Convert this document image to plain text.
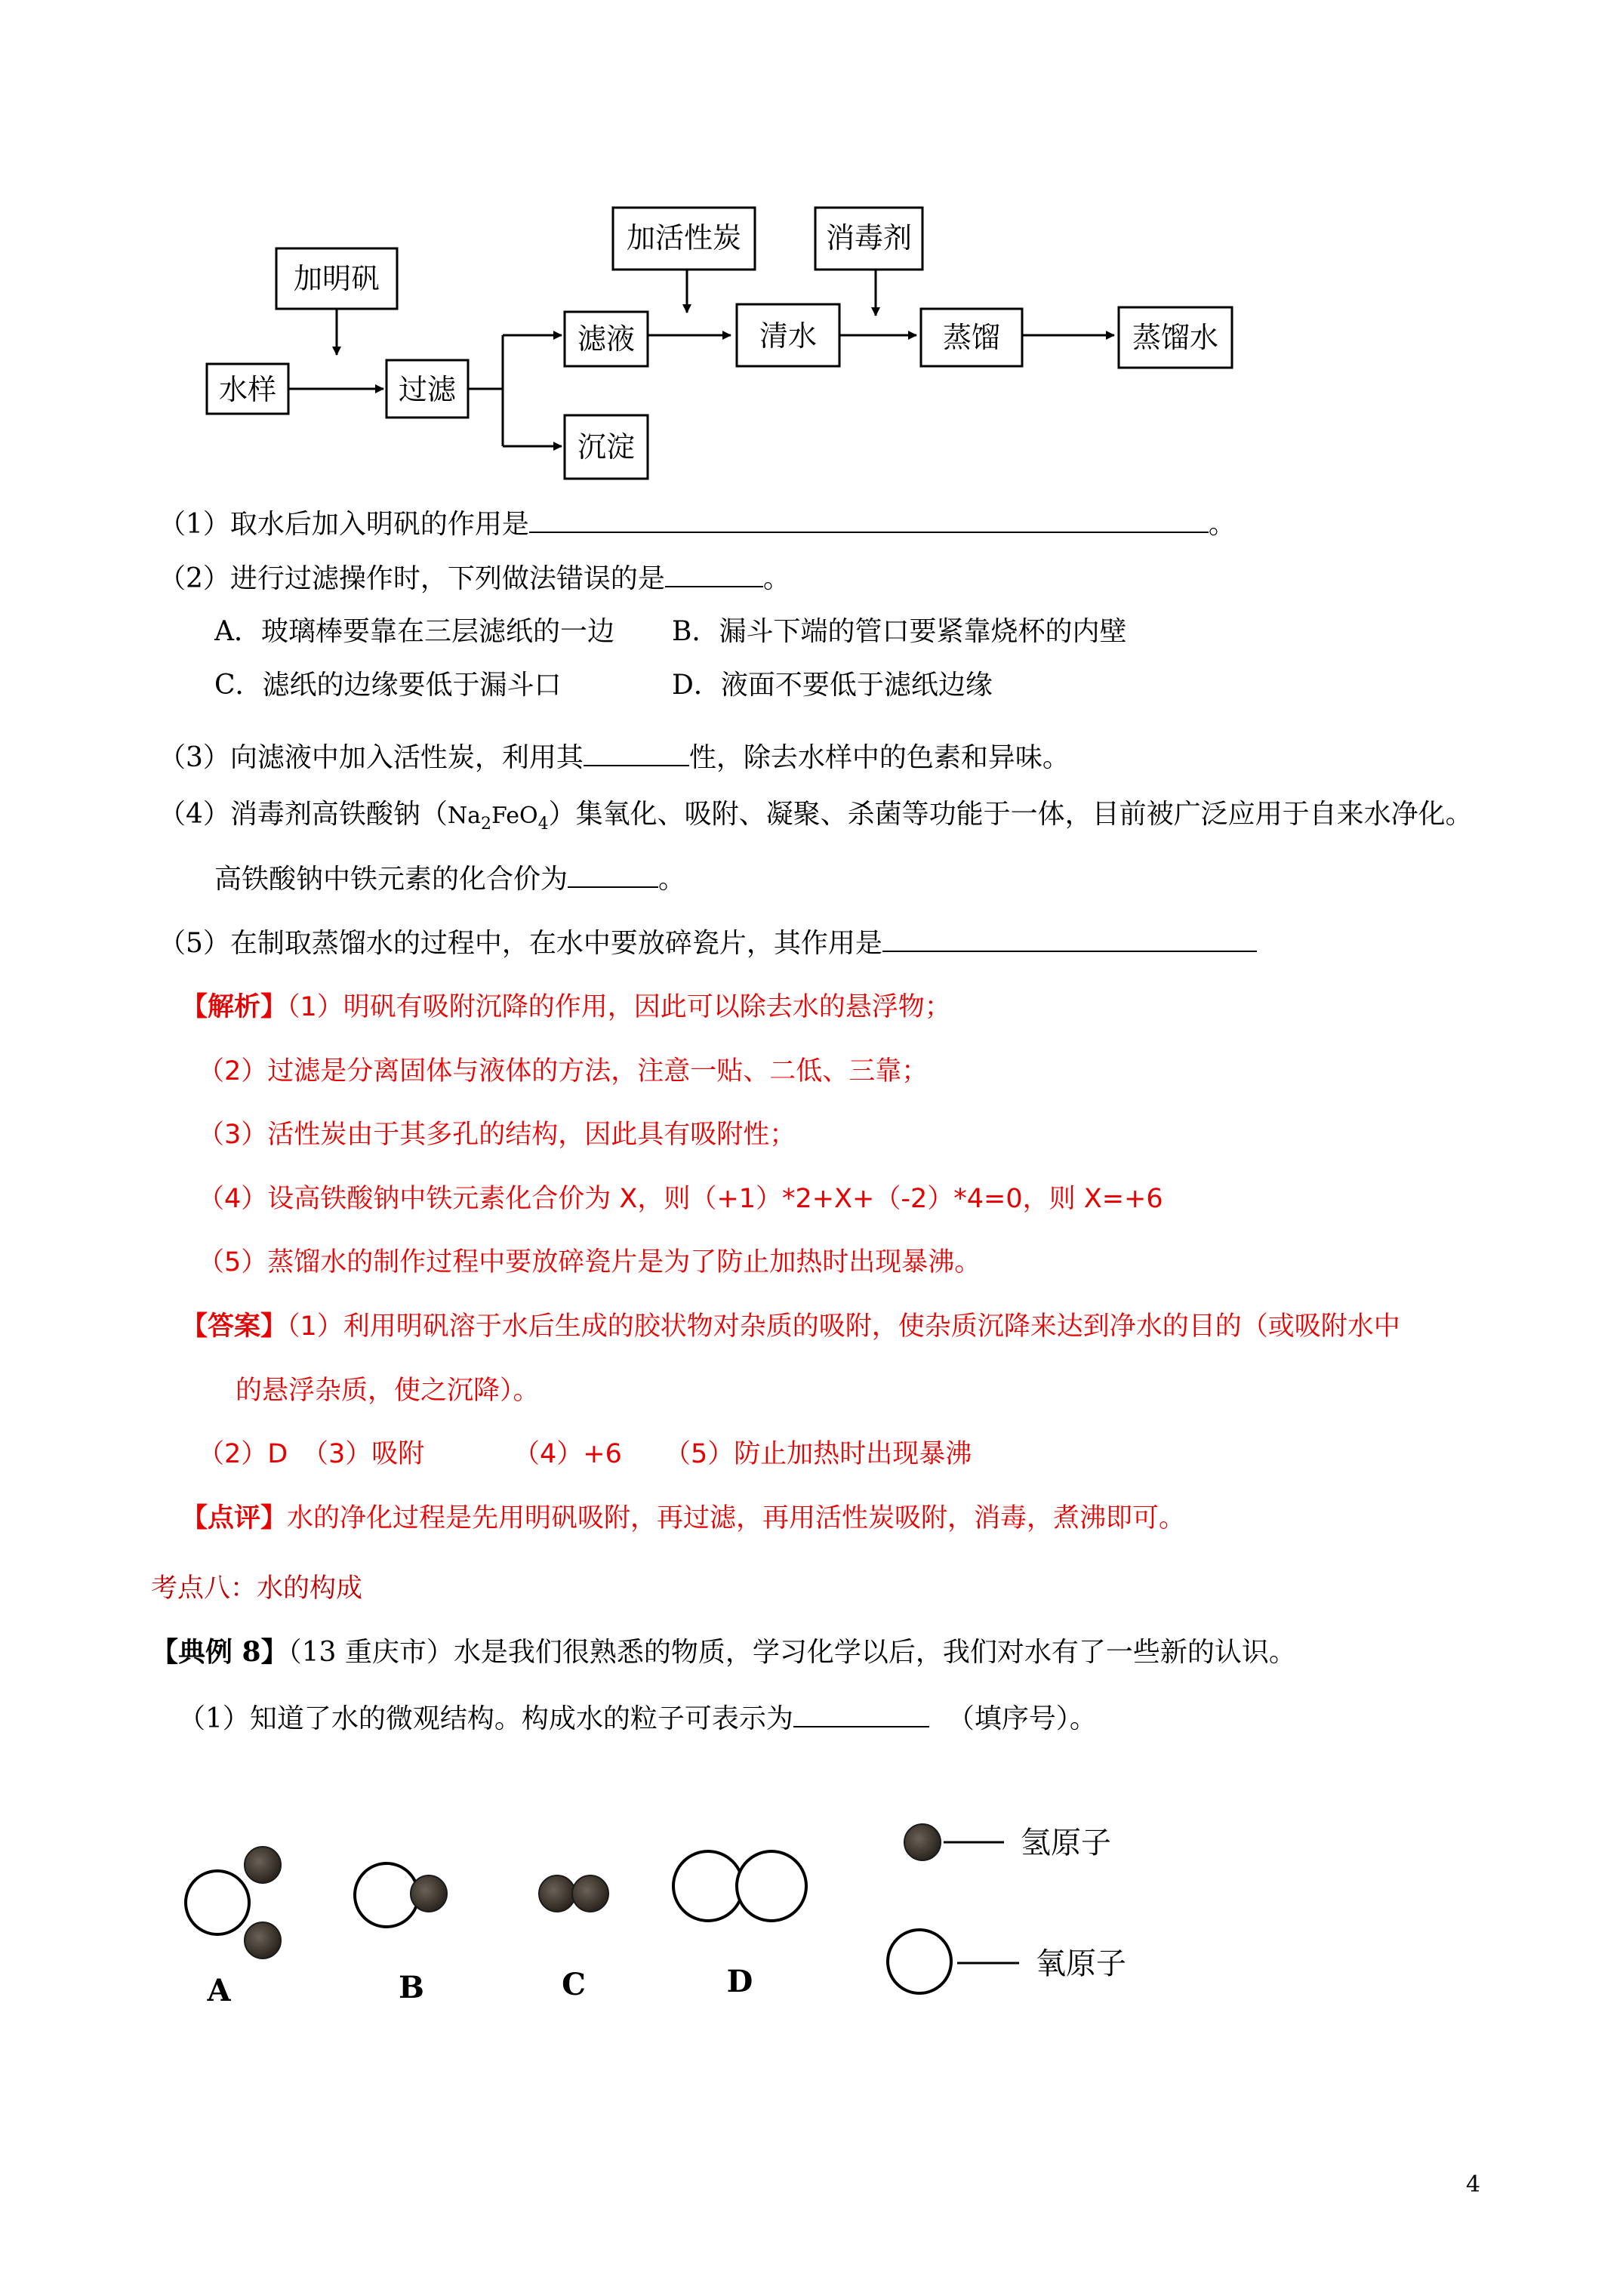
加明矾
水样	过滤
滤液
沉淀
加活性炭
清水
消毒剂
蒸馏	蒸馏水
（1）取水后加入明矾的作用是	。
（2）进行过滤操作时，下列做法错误的是	。
A．玻璃棒要靠在三层滤纸的一边 B．漏斗下端的管口要紧靠烧杯的内壁
C．滤纸的边缘要低于漏斗口	D．液面不要低于滤纸边缘
（3）向滤液中加入活性炭，利用其	性，除去水样中的色素和异味。
（4）消毒剂高铁酸钠$(Na_2FeO_4)$集氧化、吸附、凝聚、杀菌等功能于一体，目前被广泛应用于自来水净化。
高铁酸钠中铁元素的化合价为	。
（5）在制取蒸馏水的过程中，在水中要放碎瓷片，其作用是
【解析】（1）明矾有吸附沉降的作用，因此可以除去水的悬浮物；
（2）过滤是分离固体与液体的方法，注意一贴、二低、三靠；
（3）活性炭由于其多孔的结构，因此具有吸附性；
（4）设高铁酸钠中铁元素化合价为 X，则（+1）*2+X+（-2）*4=0，则 X=+6
（5）蒸馏水的制作过程中要放碎瓷片是为了防止加热时出现暴沸。
【答案】（1）利用明矾溶于水后生成的胶状物对杂质的吸附，使杂质沉降来达到净水的目的（或吸附水中
的悬浮杂质，使之沉降）。
（2）D （3）吸附	（4）+6 （5）防止加热时出现暴沸
【点评】水的净化过程是先用明矾吸附，再过滤，再用活性炭吸附，消毒，煮沸即可。
考点八：水的构成
【典例 8】（13 重庆市）水是我们很熟悉的物质，学习化学以后，我们对水有了一些新的认识。
（1）知道了水的微观结构。构成水的粒子可表示为	（填序号）。
A	B	C	D
氢原子
氧原子
4
